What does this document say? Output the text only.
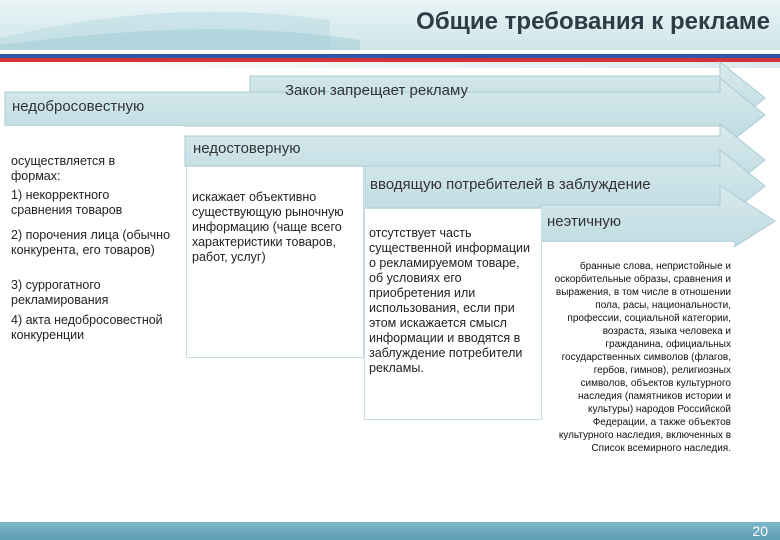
Общие требования к рекламе
Закон запрещает рекламу
недобросовестную
недостоверную
вводящую потребителей в заблуждение
неэтичную
осуществляется в формах:
1) некорректного сравнения товаров
2) порочения лица (обычно конкурента, его товаров)
3) суррогатного рекламирования
4) акта недобросовестной конкуренции
искажает объективно существующую рыночную информацию (чаще всего характеристики товаров, работ, услуг)
отсутствует часть существенной информации о рекламируемом товаре, об условиях его приобретения или использования, если при этом искажается смысл информации и вводятся в заблуждение потребители рекламы.
бранные слова, непристойные и оскорбительные образы, сравнения и выражения, в том числе в отношении пола, расы, национальности, профессии, социальной категории, возраста, языка человека и гражданина, официальных государственных символов (флагов, гербов, гимнов), религиозных символов, объектов культурного наследия (памятников истории и культуры) народов Российской Федерации, а также объектов культурного наследия, включенных в Список всемирного наследия.
20
